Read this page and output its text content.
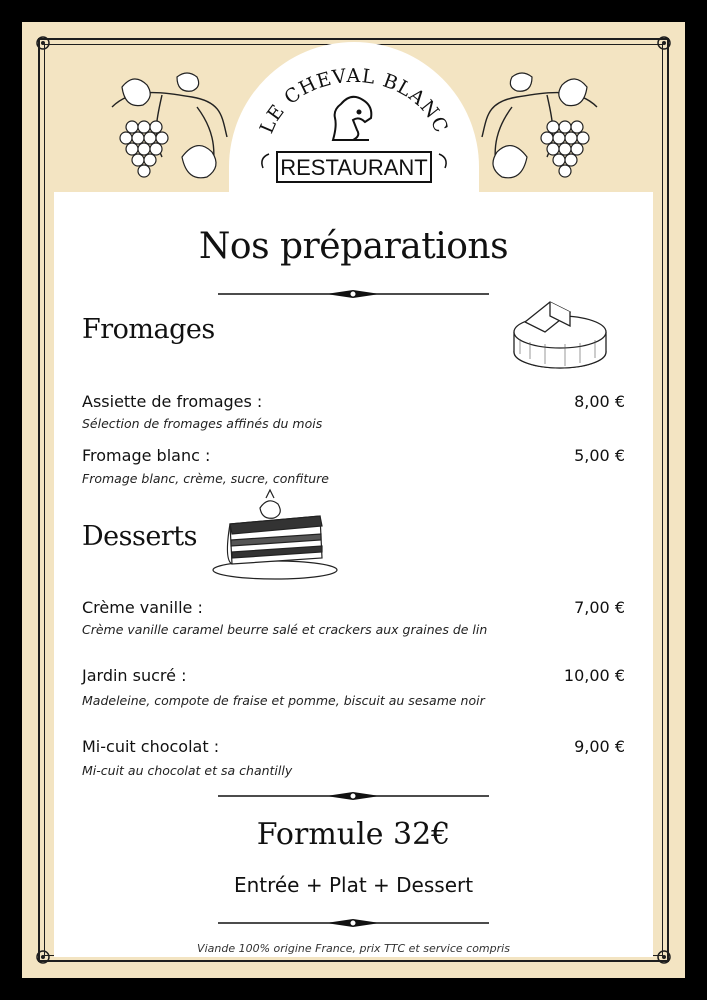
LE CHEVAL BLANC
RESTAURANT
Nos préparations
Fromages
Assiette de fromages :	8,00 €
Sélection de fromages affinés du mois
Fromage blanc :	5,00 €
Fromage blanc, crème, sucre, confiture
Desserts
Crème vanille :	7,00 €
Crème vanille caramel beurre salé et crackers aux graines de lin
Jardin sucré :	10,00 €
Madeleine, compote de fraise et pomme, biscuit au sesame noir
Mi-cuit chocolat :	9,00 €
Mi-cuit au chocolat et sa chantilly
Formule 32€
Entrée + Plat + Dessert
Viande 100% origine France, prix TTC et service compris
